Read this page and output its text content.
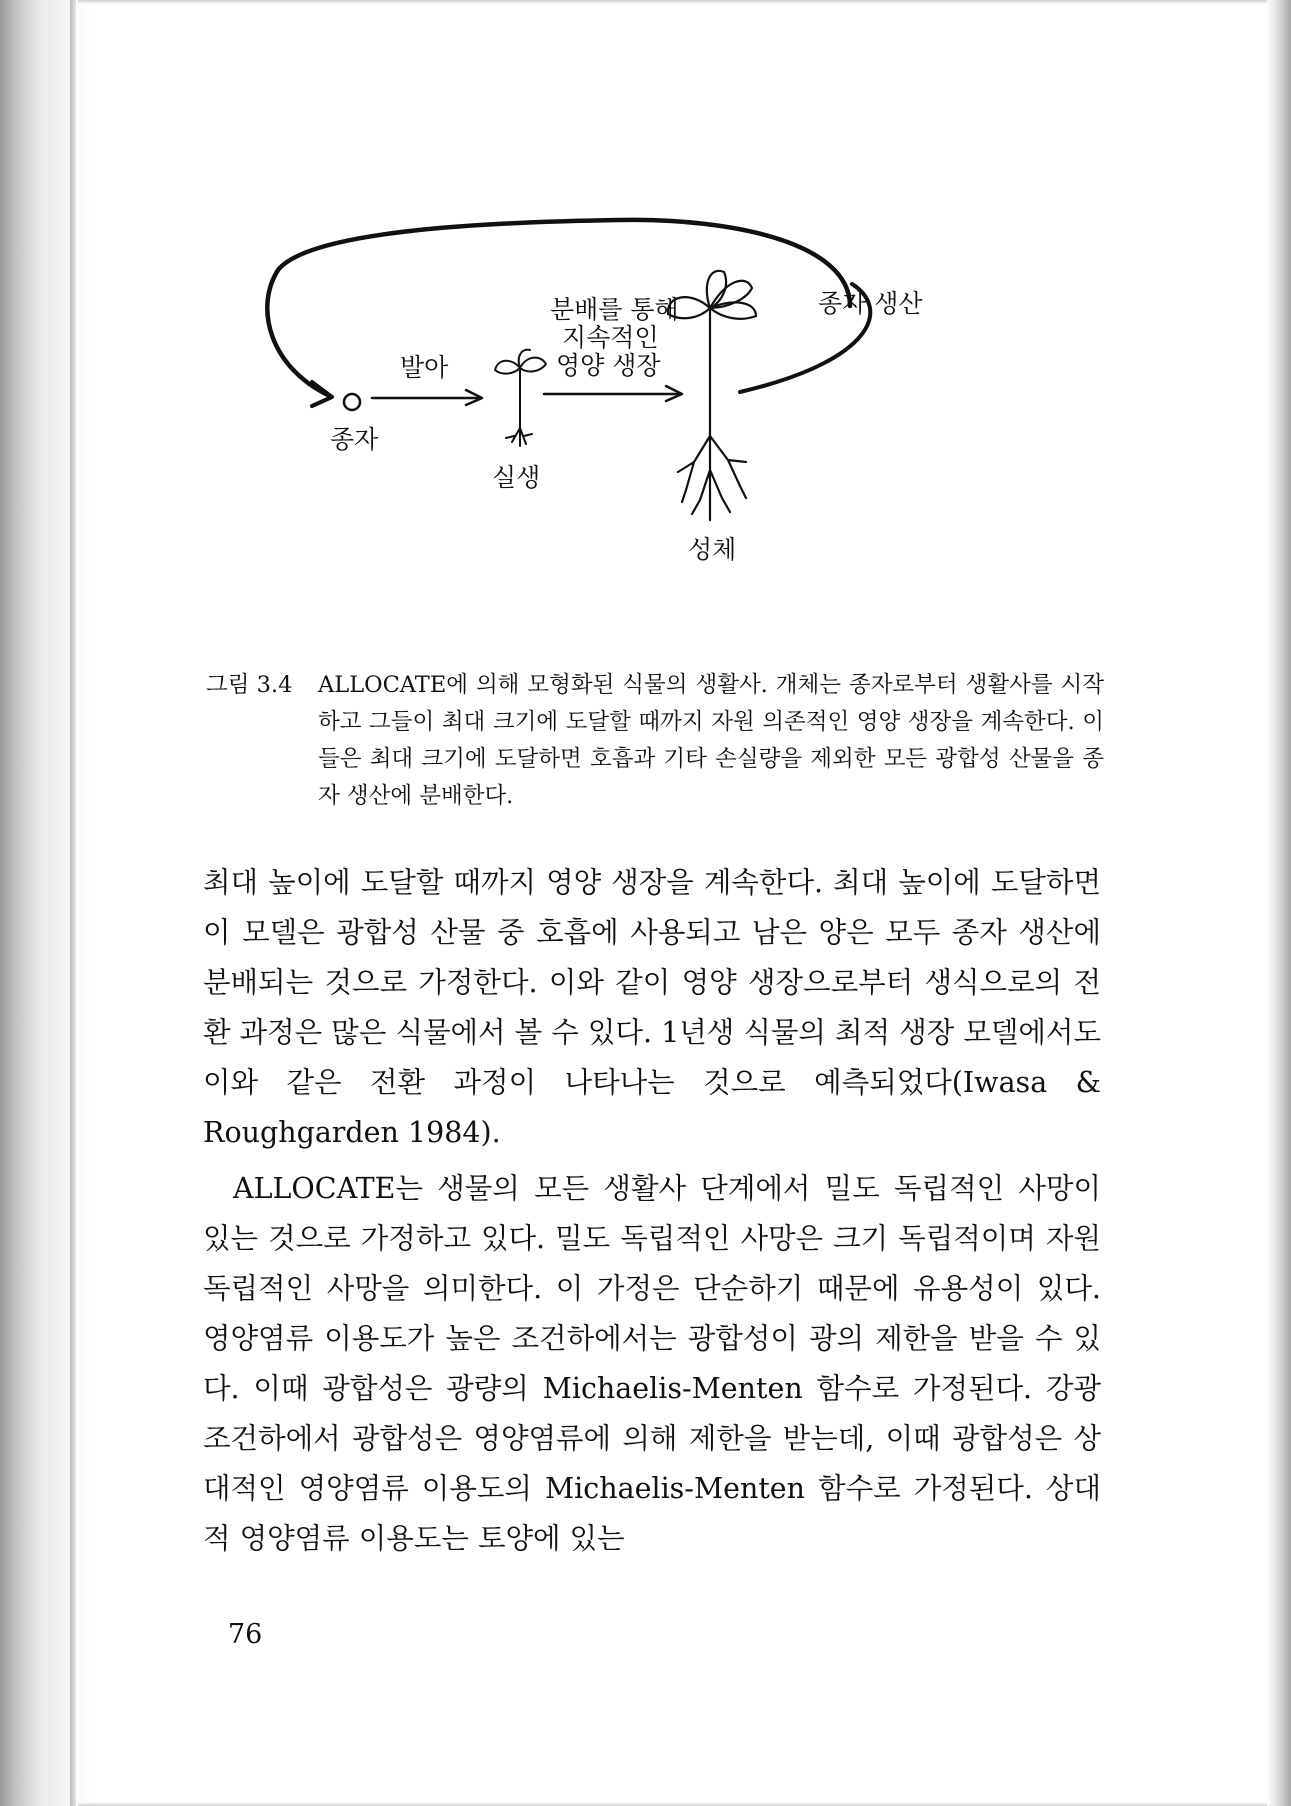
종자
발아
실생
분배를 통해
지속적인
영양 생장
종자 생산
성체
그림 3.4 ALLOCATE에 의해 모형화된 식물의 생활사. 개체는 종자로부터 생활사를 시작하고 그들이 최대 크기에 도달할 때까지 자원 의존적인 영양 생장을 계속한다. 이들은 최대 크기에 도달하면 호흡과 기타 손실량을 제외한 모든 광합성 산물을 종자 생산에 분배한다.

최대 높이에 도달할 때까지 영양 생장을 계속한다. 최대 높이에 도달하면 이 모델은 광합성 산물 중 호흡에 사용되고 남은 양은 모두 종자 생산에 분배되는 것으로 가정한다. 이와 같이 영양 생장으로부터 생식으로의 전환 과정은 많은 식물에서 볼 수 있다. 1년생 식물의 최적 생장 모델에서도 이와 같은 전환 과정이 나타나는 것으로 예측되었다(Iwasa & Roughgarden 1984).

ALLOCATE는 생물의 모든 생활사 단계에서 밀도 독립적인 사망이 있는 것으로 가정하고 있다. 밀도 독립적인 사망은 크기 독립적이며 자원 독립적인 사망을 의미한다. 이 가정은 단순하기 때문에 유용성이 있다. 영양염류 이용도가 높은 조건하에서는 광합성이 광의 제한을 받을 수 있다. 이때 광합성은 광량의 Michaelis-Menten 함수로 가정된다. 강광 조건하에서 광합성은 영양염류에 의해 제한을 받는데, 이때 광합성은 상대적인 영양염류 이용도의 Michaelis-Menten 함수로 가정된다. 상대적 영양염류 이용도는 토양에 있는

76
